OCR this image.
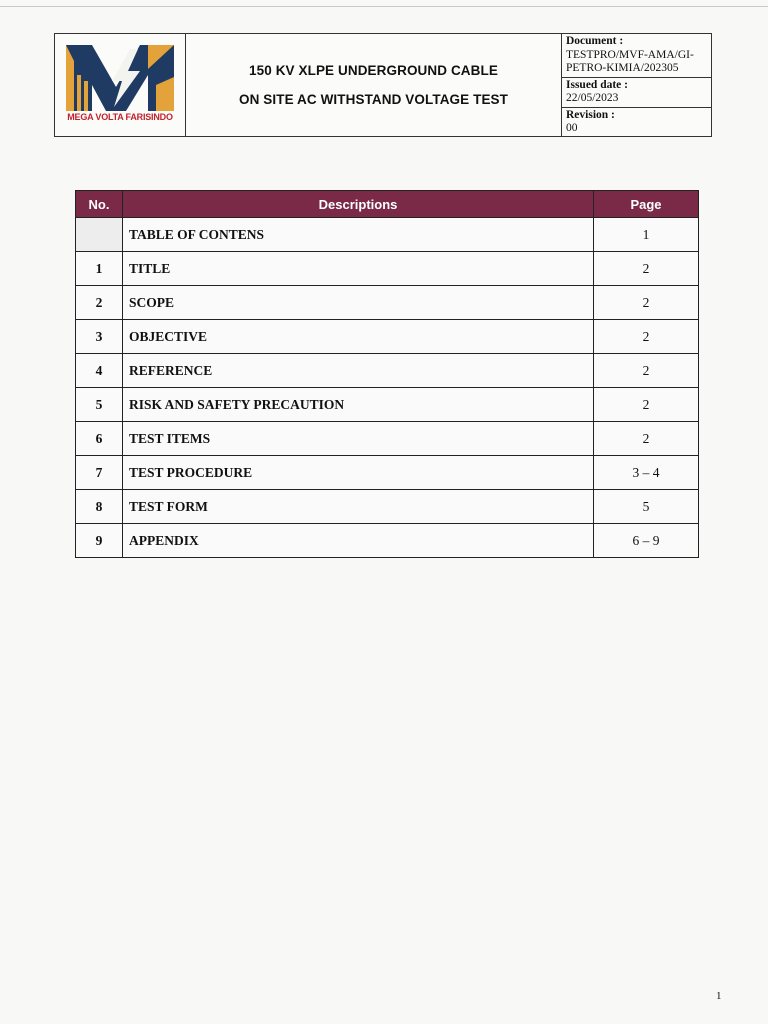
MEGA VOLTA FARISINDO
150 KV XLPE UNDERGROUND CABLE
ON SITE AC WITHSTAND VOLTAGE TEST
Document :
TESTPRO/MVF-AMA/GI-PETRO-KIMIA/202305
Issued date :
22/05/2023
Revision :
00
No.	Descriptions	Page
	TABLE OF CONTENS	1
1	TITLE	2
2	SCOPE	2
3	OBJECTIVE	2
4	REFERENCE	2
5	RISK AND SAFETY PRECAUTION	2
6	TEST ITEMS	2
7	TEST PROCEDURE	3 – 4
8	TEST FORM	5
9	APPENDIX	6 – 9
1
